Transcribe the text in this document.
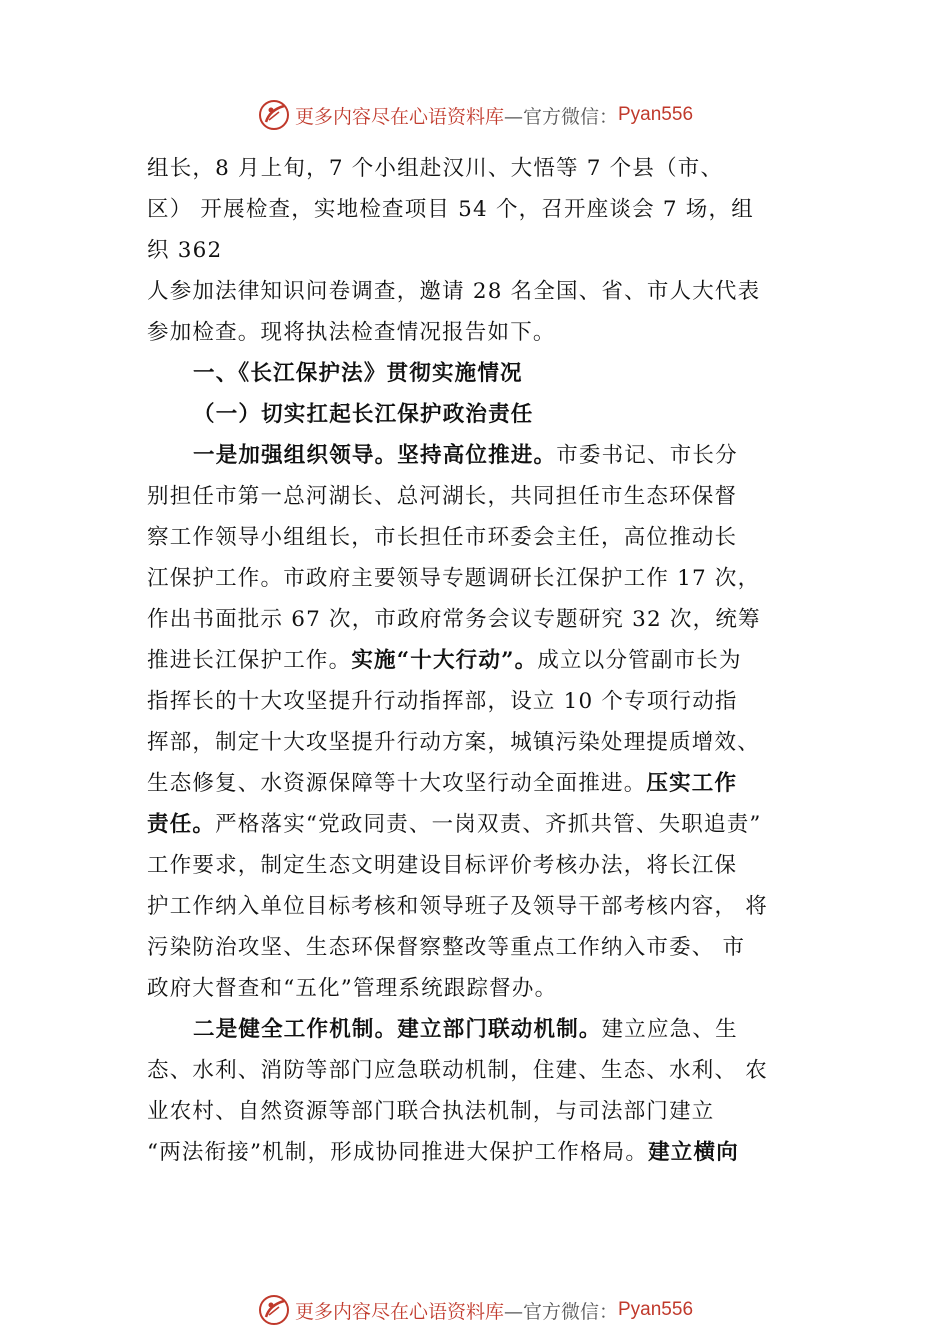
更多内容尽在心语资料库 —官方微信： Pyan556
组长，8 月上旬，7 个小组赴汉川、大悟等 7 个县（市、
区） 开展检查，实地检查项目 54 个，召开座谈会 7 场，组
织 362
人参加法律知识问卷调查，邀请 28 名全国、省、市人大代表
参加检查。现将执法检查情况报告如下。
一、《长江保护法》贯彻实施情况
（一）切实扛起长江保护政治责任
一是加强组织领导。坚持高位推进。市委书记、市长分
别担任市第一总河湖长、总河湖长，共同担任市生态环保督
察工作领导小组组长，市长担任市环委会主任，高位推动长
江保护工作。市政府主要领导专题调研长江保护工作 17 次，
作出书面批示 67 次，市政府常务会议专题研究 32 次，统筹
推进长江保护工作。实施“十大行动”。成立以分管副市长为
指挥长的十大攻坚提升行动指挥部，设立 10 个专项行动指
挥部，制定十大攻坚提升行动方案，城镇污染处理提质增效、
生态修复、水资源保障等十大攻坚行动全面推进。压实工作
责任。严格落实“党政同责、一岗双责、齐抓共管、失职追责”
工作要求，制定生态文明建设目标评价考核办法，将长江保
护工作纳入单位目标考核和领导班子及领导干部考核内容， 将
污染防治攻坚、生态环保督察整改等重点工作纳入市委、 市
政府大督查和“五化”管理系统跟踪督办。
二是健全工作机制。建立部门联动机制。建立应急、生
态、水利、消防等部门应急联动机制，住建、生态、水利、 农
业农村、自然资源等部门联合执法机制，与司法部门建立
“两法衔接”机制，形成协同推进大保护工作格局。建立横向
更多内容尽在心语资料库 —官方微信： Pyan556
